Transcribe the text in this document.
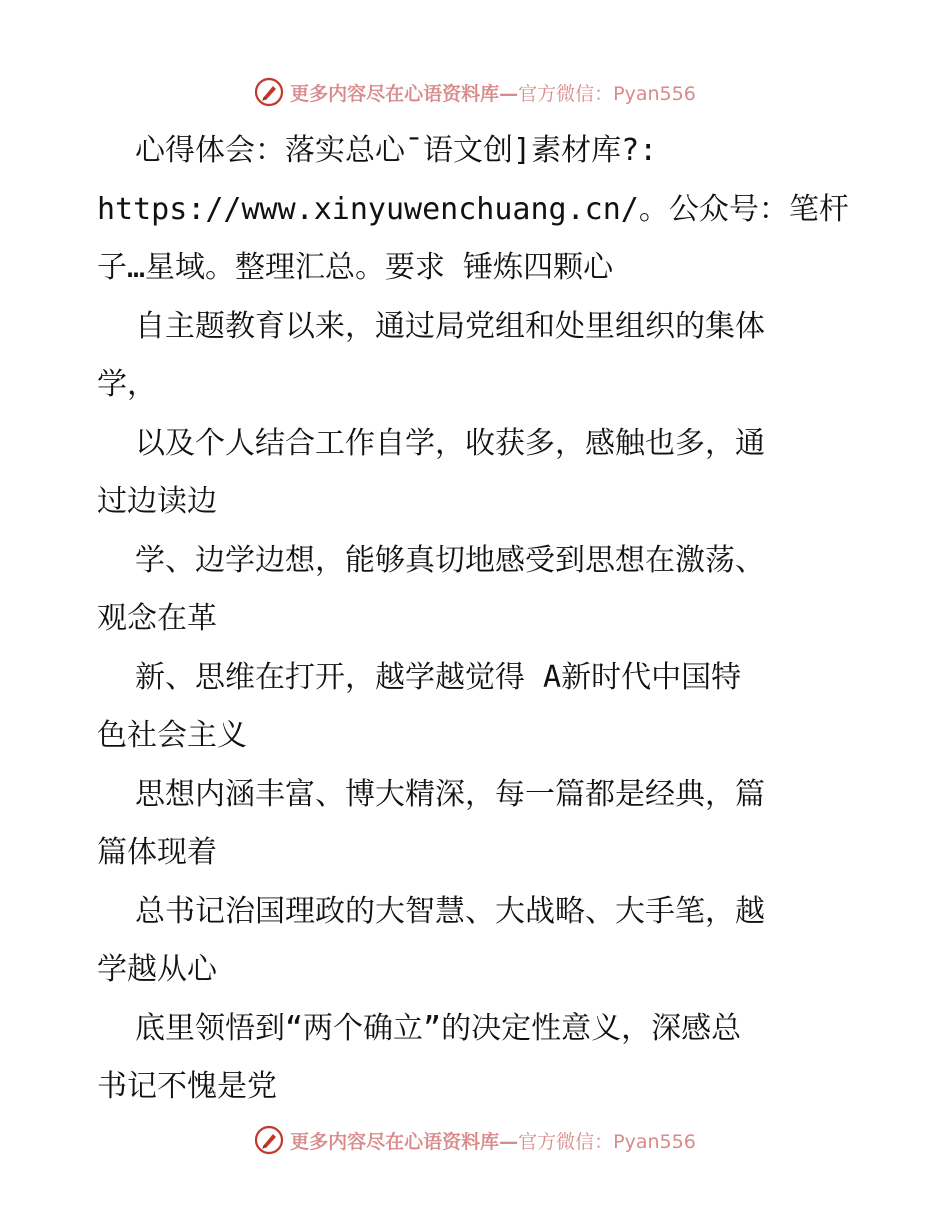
更多内容尽在心语资料库— 官方微信：Pyan556
心得体会：落实总心¯语文创]素材库?:
https://www.xinyuwenchuang.cn/。公众号：笔杆
子…星域。整理汇总。要求 锤炼四颗心
自主题教育以来，通过局党组和处里组织的集体
学，
以及个人结合工作自学，收获多，感触也多，通
过边读边
学、边学边想，能够真切地感受到思想在激荡、
观念在革
新、思维在打开，越学越觉得 A新时代中国特
色社会主义
思想内涵丰富、博大精深，每一篇都是经典，篇
篇体现着
总书记治国理政的大智慧、大战略、大手笔，越
学越从心
底里领悟到“两个确立”的决定性意义，深感总
书记不愧是党
更多内容尽在心语资料库— 官方微信：Pyan556
